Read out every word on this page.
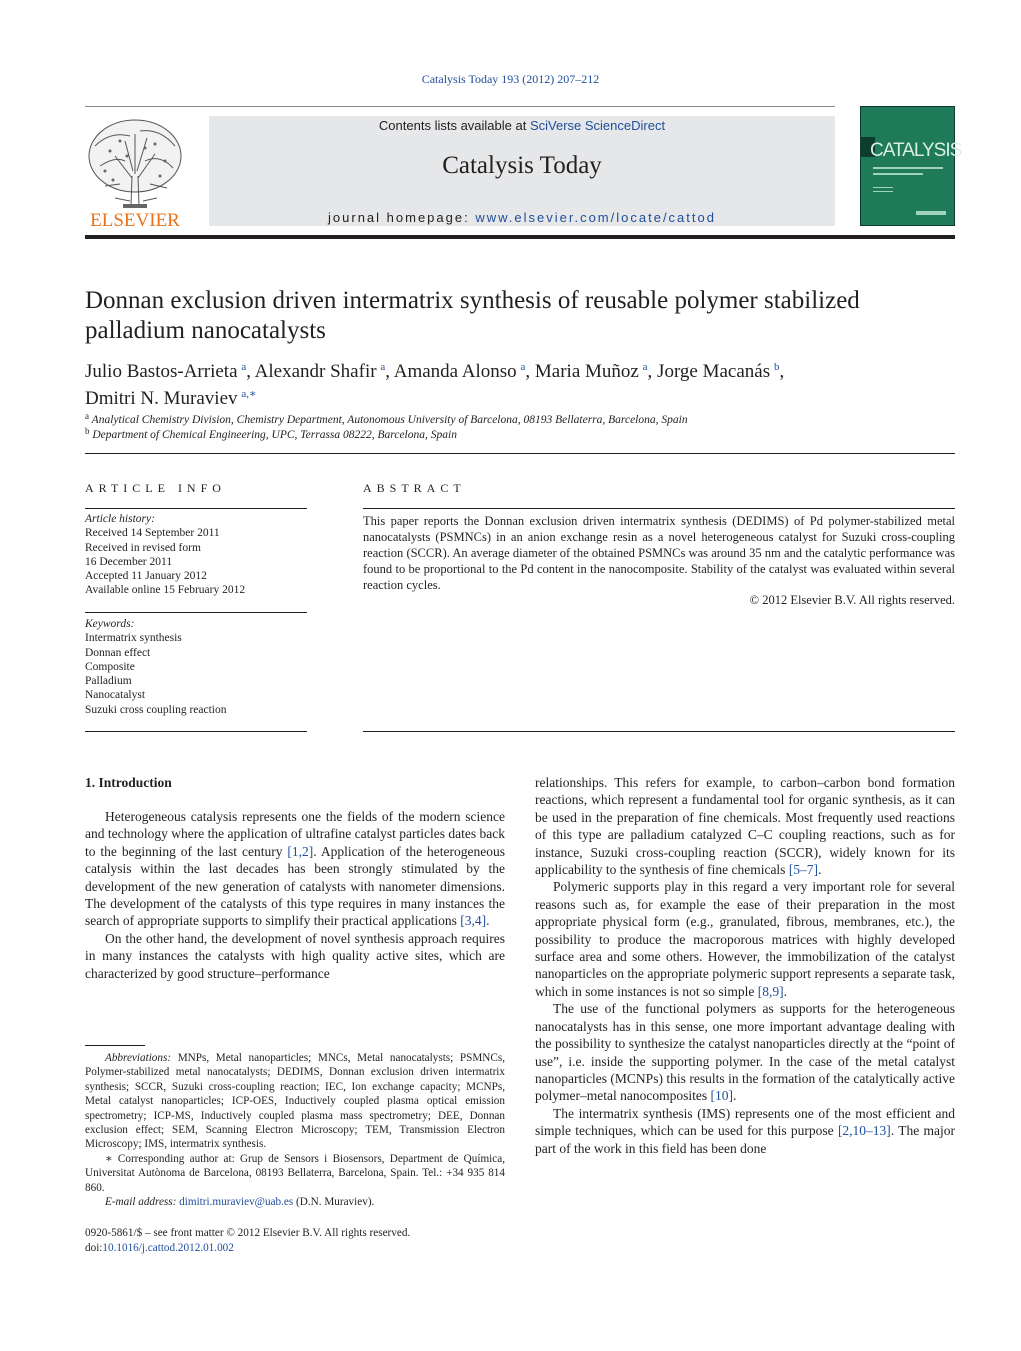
Catalysis Today 193 (2012) 207–212
ELSEVIER
Contents lists available at SciVerse ScienceDirect
Catalysis Today
journal homepage: www.elsevier.com/locate/cattod
CATALYSIS
Donnan exclusion driven intermatrix synthesis of reusable polymer stabilized palladium nanocatalysts
Julio Bastos-Arrieta  $^a$, Alexandr Shafir  $^a$, Amanda Alonso  $^a$, Maria Muñoz  $^a$, Jorge Macanás  $^b$,
Dmitri N. Muraviev  $^{a,∗}$
$^a$ Analytical Chemistry Division, Chemistry Department, Autonomous University of Barcelona, 08193 Bellaterra, Barcelona, Spain
$^b$ Department of Chemical Engineering, UPC, Terrassa 08222, Barcelona, Spain
ARTICLE INFO
Article history:
Received 14 September 2011
Received in revised form
16 December 2011
Accepted 11 January 2012
Available online 15 February 2012
Keywords:
Intermatrix synthesis
Donnan effect
Composite
Palladium
Nanocatalyst
Suzuki cross coupling reaction
ABSTRACT

This paper reports the Donnan exclusion driven intermatrix synthesis (DEDIMS) of Pd polymer-stabilized metal nanocatalysts (PSMNCs) in an anion exchange resin as a novel heterogeneous catalyst for Suzuki cross-coupling reaction (SCCR). An average diameter of the obtained PSMNCs was around 35 nm and the catalytic performance was found to be proportional to the Pd content in the nanocomposite. Stability of the catalyst was evaluated within several reaction cycles.

© 2012 Elsevier B.V. All rights reserved.
1. Introduction

Heterogeneous catalysis represents one the fields of the modern science and technology where the application of ultrafine catalyst particles dates back to the beginning of the last century [1,2]. Application of the heterogeneous catalysis within the last decades has been strongly stimulated by the development of the new generation of catalysts with nanometer dimensions. The development of the catalysts of this type requires in many instances the search of appropriate supports to simplify their practical applications [3,4].

On the other hand, the development of novel synthesis approach requires in many instances the catalysts with high quality active sites, which are characterized by good structure–performance

relationships. This refers for example, to carbon–carbon bond formation reactions, which represent a fundamental tool for organic synthesis, as it can be used in the preparation of fine chemicals. Most frequently used reactions of this type are palladium catalyzed C–C coupling reactions, such as for instance, Suzuki cross-coupling reaction (SCCR), widely known for its applicability to the synthesis of fine chemicals [5–7].

Polymeric supports play in this regard a very important role for several reasons such as, for example the ease of their preparation in the most appropriate physical form (e.g., granulated, fibrous, membranes, etc.), the possibility to produce the macroporous matrices with highly developed surface area and some others. However, the immobilization of the catalyst nanoparticles on the appropriate polymeric support represents a separate task, which in some instances is not so simple [8,9].

The use of the functional polymers as supports for the heterogeneous nanocatalysts has in this sense, one more important advantage dealing with the possibility to synthesize the catalyst nanoparticles directly at the “point of use”, i.e. inside the supporting polymer. In the case of the metal catalyst nanoparticles (MCNPs) this results in the formation of the catalytically active polymer–metal nanocomposites [10].

The intermatrix synthesis (IMS) represents one of the most efficient and simple techniques, which can be used for this purpose [2,10–13]. The major part of the work in this field has been done

Abbreviations: MNPs, Metal nanoparticles; MNCs, Metal nanocatalysts; PSMNCs, Polymer-stabilized metal nanocatalysts; DEDIMS, Donnan exclusion driven intermatrix synthesis; SCCR, Suzuki cross-coupling reaction; IEC, Ion exchange capacity; MCNPs, Metal catalyst nanoparticles; ICP-OES, Inductively coupled plasma optical emission spectrometry; ICP-MS, Inductively coupled plasma mass spectrometry; DEE, Donnan exclusion effect; SEM, Scanning Electron Microscopy; TEM, Transmission Electron Microscopy; IMS, intermatrix synthesis.

∗ Corresponding author at: Grup de Sensors i Biosensors, Department de Química, Universitat Autònoma de Barcelona, 08193 Bellaterra, Barcelona, Spain. Tel.: +34 935 814 860.

E-mail address: dimitri.muraviev@uab.es (D.N. Muraviev).

0920-5861/$ – see front matter © 2012 Elsevier B.V. All rights reserved.
doi:10.1016/j.cattod.2012.01.002
